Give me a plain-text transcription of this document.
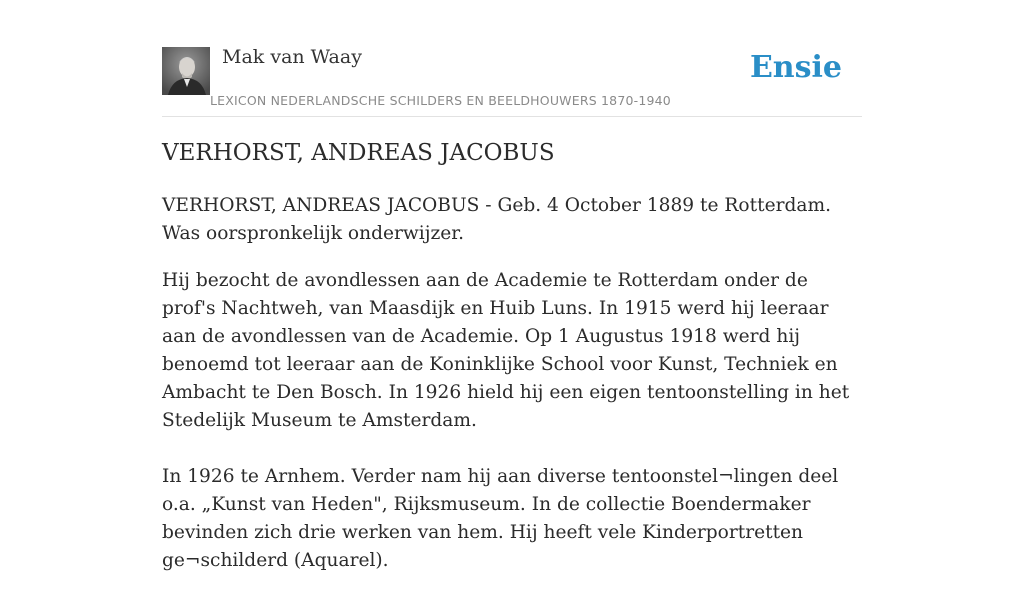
Mak van Waay
LEXICON NEDERLANDSCHE SCHILDERS EN BEELDHOUWERS 1870-1940
Ensie
VERHORST, ANDREAS JACOBUS

VERHORST, ANDREAS JACOBUS - Geb. 4 October 1889 te Rotterdam. Was oorspronkelijk onderwijzer.

Hij bezocht de avondlessen aan de Academie te Rotterdam onder de prof's Nachtweh, van Maasdijk en Huib Luns. In 1915 werd hij leeraar aan de avondlessen van de Academie. Op 1 Augustus 1918 werd hij benoemd tot leeraar aan de Koninklijke School voor Kunst, Techniek en Ambacht te Den Bosch. In 1926 hield hij een eigen tentoonstelling in het Stedelijk Museum te Amsterdam.

In 1926 te Arnhem. Verder nam hij aan diverse tentoonstel¬lingen deel o.a. „Kunst van Heden", Rijksmuseum. In de collectie Boendermaker bevinden zich drie werken van hem. Hij heeft vele Kinderportretten ge¬schilderd (Aquarel).
